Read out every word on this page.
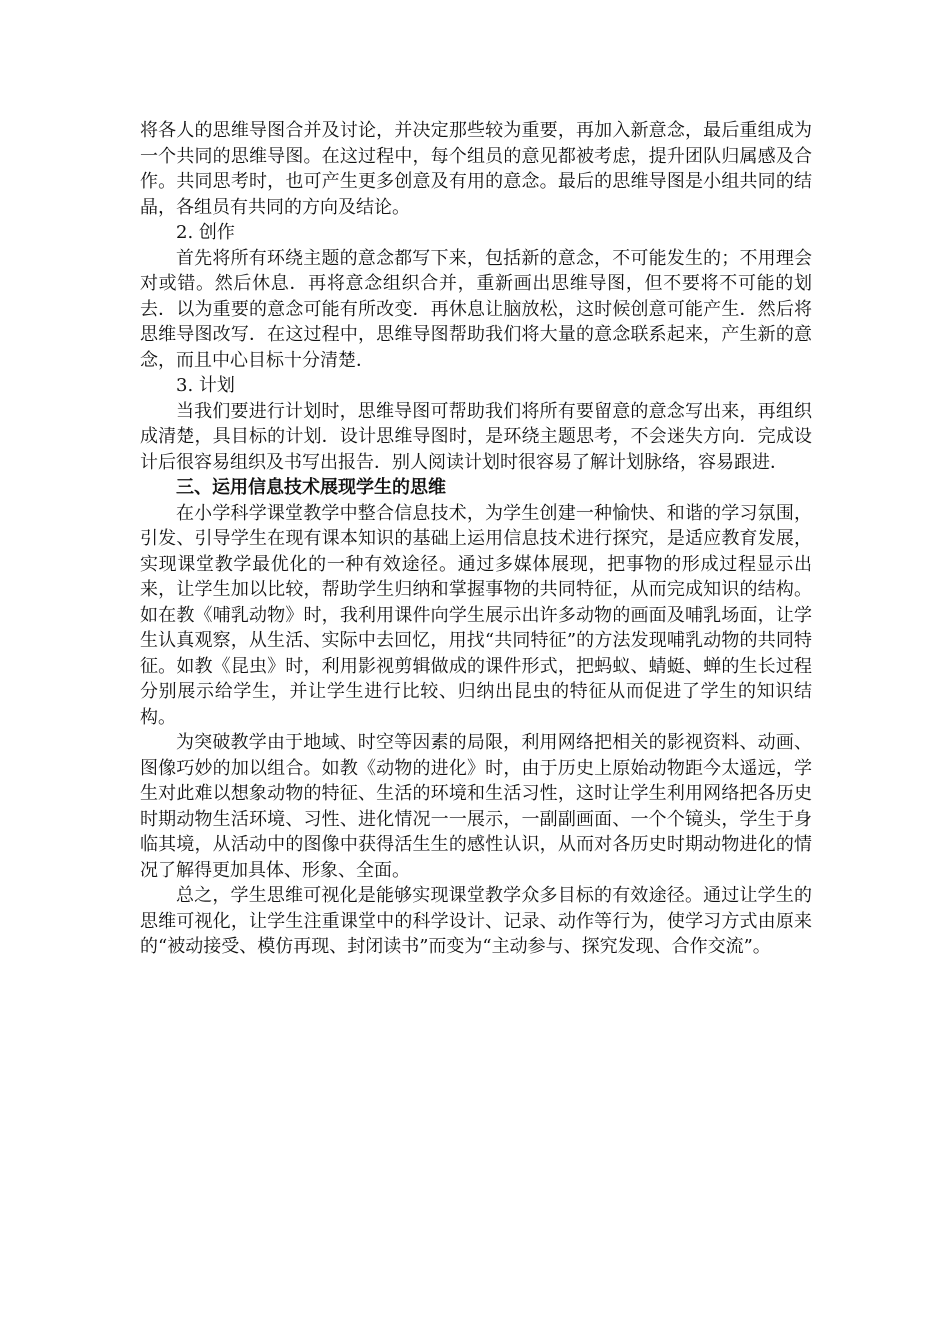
将各人的思维导图合并及讨论，并决定那些较为重要，再加入新意念，最后重组成为一个共同的思维导图。在这过程中，每个组员的意见都被考虑，提升团队归属感及合作。共同思考时，也可产生更多创意及有用的意念。最后的思维导图是小组共同的结晶，各组员有共同的方向及结论。

2. 创作

首先将所有环绕主题的意念都写下来，包括新的意念，不可能发生的；不用理会对或错。然后休息．再将意念组织合并，重新画出思维导图，但不要将不可能的划去．以为重要的意念可能有所改变．再休息让脑放松，这时候创意可能产生．然后将思维导图改写．在这过程中，思维导图帮助我们将大量的意念联系起来，产生新的意念，而且中心目标十分清楚．

3. 计划

当我们要进行计划时，思维导图可帮助我们将所有要留意的意念写出来，再组织成清楚，具目标的计划．设计思维导图时，是环绕主题思考，不会迷失方向．完成设计后很容易组织及书写出报告．别人阅读计划时很容易了解计划脉络，容易跟进．

三、运用信息技术展现学生的思维

在小学科学课堂教学中整合信息技术，为学生创建一种愉快、和谐的学习氛围，引发、引导学生在现有课本知识的基础上运用信息技术进行探究，是适应教育发展，实现课堂教学最优化的一种有效途径。通过多媒体展现，把事物的形成过程显示出来，让学生加以比较，帮助学生归纳和掌握事物的共同特征，从而完成知识的结构。如在教《哺乳动物》时，我利用课件向学生展示出许多动物的画面及哺乳场面，让学生认真观察，从生活、实际中去回忆，用找“共同特征”的方法发现哺乳动物的共同特征。如教《昆虫》时，利用影视剪辑做成的课件形式，把蚂蚁、蜻蜓、蝉的生长过程分别展示给学生，并让学生进行比较、归纳出昆虫的特征从而促进了学生的知识结构。

为突破教学由于地域、时空等因素的局限，利用网络把相关的影视资料、动画、图像巧妙的加以组合。如教《动物的进化》时，由于历史上原始动物距今太遥远，学生对此难以想象动物的特征、生活的环境和生活习性，这时让学生利用网络把各历史时期动物生活环境、习性、进化情况一一展示，一副副画面、一个个镜头，学生于身临其境，从活动中的图像中获得活生生的感性认识，从而对各历史时期动物进化的情况了解得更加具体、形象、全面。

总之，学生思维可视化是能够实现课堂教学众多目标的有效途径。通过让学生的思维可视化，让学生注重课堂中的科学设计、记录、动作等行为，使学习方式由原来的“被动接受、模仿再现、封闭读书”而变为“主动参与、探究发现、合作交流”。
